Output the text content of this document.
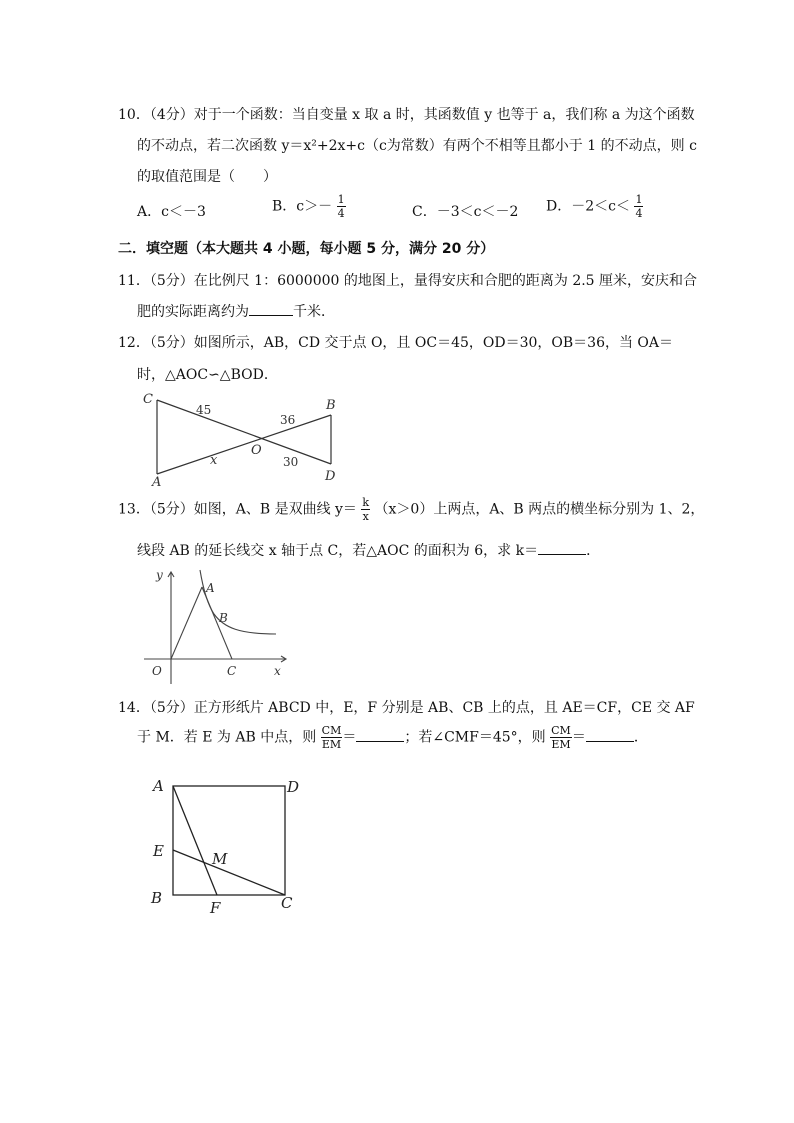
10．（4分）对于一个函数：当自变量 x 取 a 时，其函数值 y 也等于 a，我们称 a 为这个函数
的不动点，若二次函数 y＝x²+2x+c（c为常数）有两个不相等且都小于 1 的不动点，则 c
的取值范围是（　　）
A．c＜－3	B．$c>- \frac{1}{4}$	C．－3＜c＜－2 D．$-2<c< \frac{1}{4}$
二．填空题（本大题共 4 小题，每小题 5 分，满分 20 分）
11．（5分）在比例尺 1：6000000 的地图上，量得安庆和合肥的距离为 2.5 厘米，安庆和合
肥的实际距离约为	千米．
12．（5分）如图所示，AB，CD 交于点 O，且 OC＝45，OD＝30，OB＝36，当 OA＝
时，△AOC∽△BOD．
C	B
A	D
O
x
45
36
30
13．（5分）如图，A、B 是双曲线 $y= \frac{k}{x} (x>0)$上两点，A、B 两点的横坐标分别为 1、2，
线段 AB 的延长线交 x 轴于点 C，若△AOC 的面积为 6，求 k＝	．
y
A
B
O	C	x
14．（5分）正方形纸片 ABCD 中，E，F 分别是 AB、CB 上的点，且 AE＝CF，CE 交 AF
于 M．若 E 为 AB 中点，则 $\frac{CM}{EM}$ ＝	；若∠CMF＝45°，则 $\frac{CM}{EM}$ ＝	．
A	D
E	M
B
F	C
